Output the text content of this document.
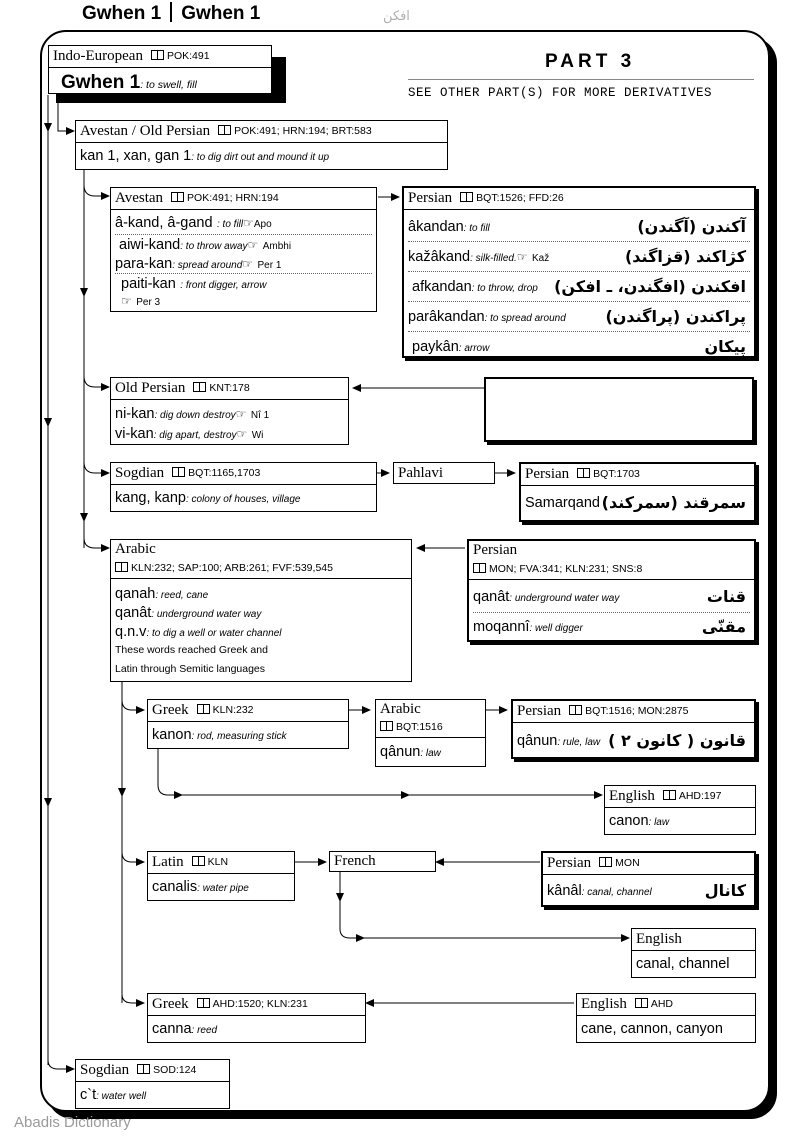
Gwhen 1 Gwhen 1	افکن
PART 3
SEE OTHER PART(S) FOR MORE DERIVATIVES
Indo-European $^{POK:491}$
Gwhen 1: to swell, fill
Avestan / Old Persian $^{POK:491; HRN:194; BRT:583}$
kan 1, xan, gan 1: to dig dirt out and mound it up
Avestan $^{POK:491; HRN:194}$
â-kand, â-gand : to fill☞Apo
aiwi-kand: to throw away☞ Ambhi
para-kan: spread around☞ Per 1
paiti-kan : front digger, arrow
☞ Per 3
Persian $^{BQT:1526; FFD:26}$
âkandan: to fill	آکندن (آگندن)
kažâkand: silk-filled.☞ Kaž	کژاکند (قزاگند)
afkandan: to throw, drop افکندن (افگندن، ـ افکن)
parâkandan: to spread around پراکندن (پراگندن)
paykân: arrow	پیکان
Old Persian $^{KNT:178}$
ni-kan: dig down destroy☞ Nî 1
vi-kan: dig apart, destroy☞ Wi
Sogdian $^{BQT:1165,1703}$
kang, kanp: colony of houses, village
Pahlavi	Persian $^{BQT:1703}$
Samarqand سمرقند (سمرکند)
Arabic
$^{KLN:232; SAP:100; ARB:261; FVF:539,545}$
qanah: reed, cane
qanât: underground water way
q.n.v: to dig a well or water channel
These words reached Greek and
Latin through Semitic languages
Persian
$^{MON; FVA:341; KLN:231; SNS:8}$
qanât: underground water way	قنات
moqannî: well digger	مقنّی
Greek $^{KLN:232}$
kanon: rod, measuring stick
Arabic
$^{BQT:1516}$
qânun: law
Persian $^{BQT:1516; MON:2875}$
qânun: rule, law قانون ( کانون ۲ )
English $^{AHD:197}$
canon: law
Latin $^{KLN}$
canalis: water pipe
French	Persian $^{MON}$
kânâl: canal, channel	کانال
English
canal, channel
Greek $^{AHD:1520; KLN:231}$
canna: reed
English $^{AHD}$
cane, cannon, canyon
Sogdian $^{SOD:124}$
c`t: water well
Abadis Dictionary
